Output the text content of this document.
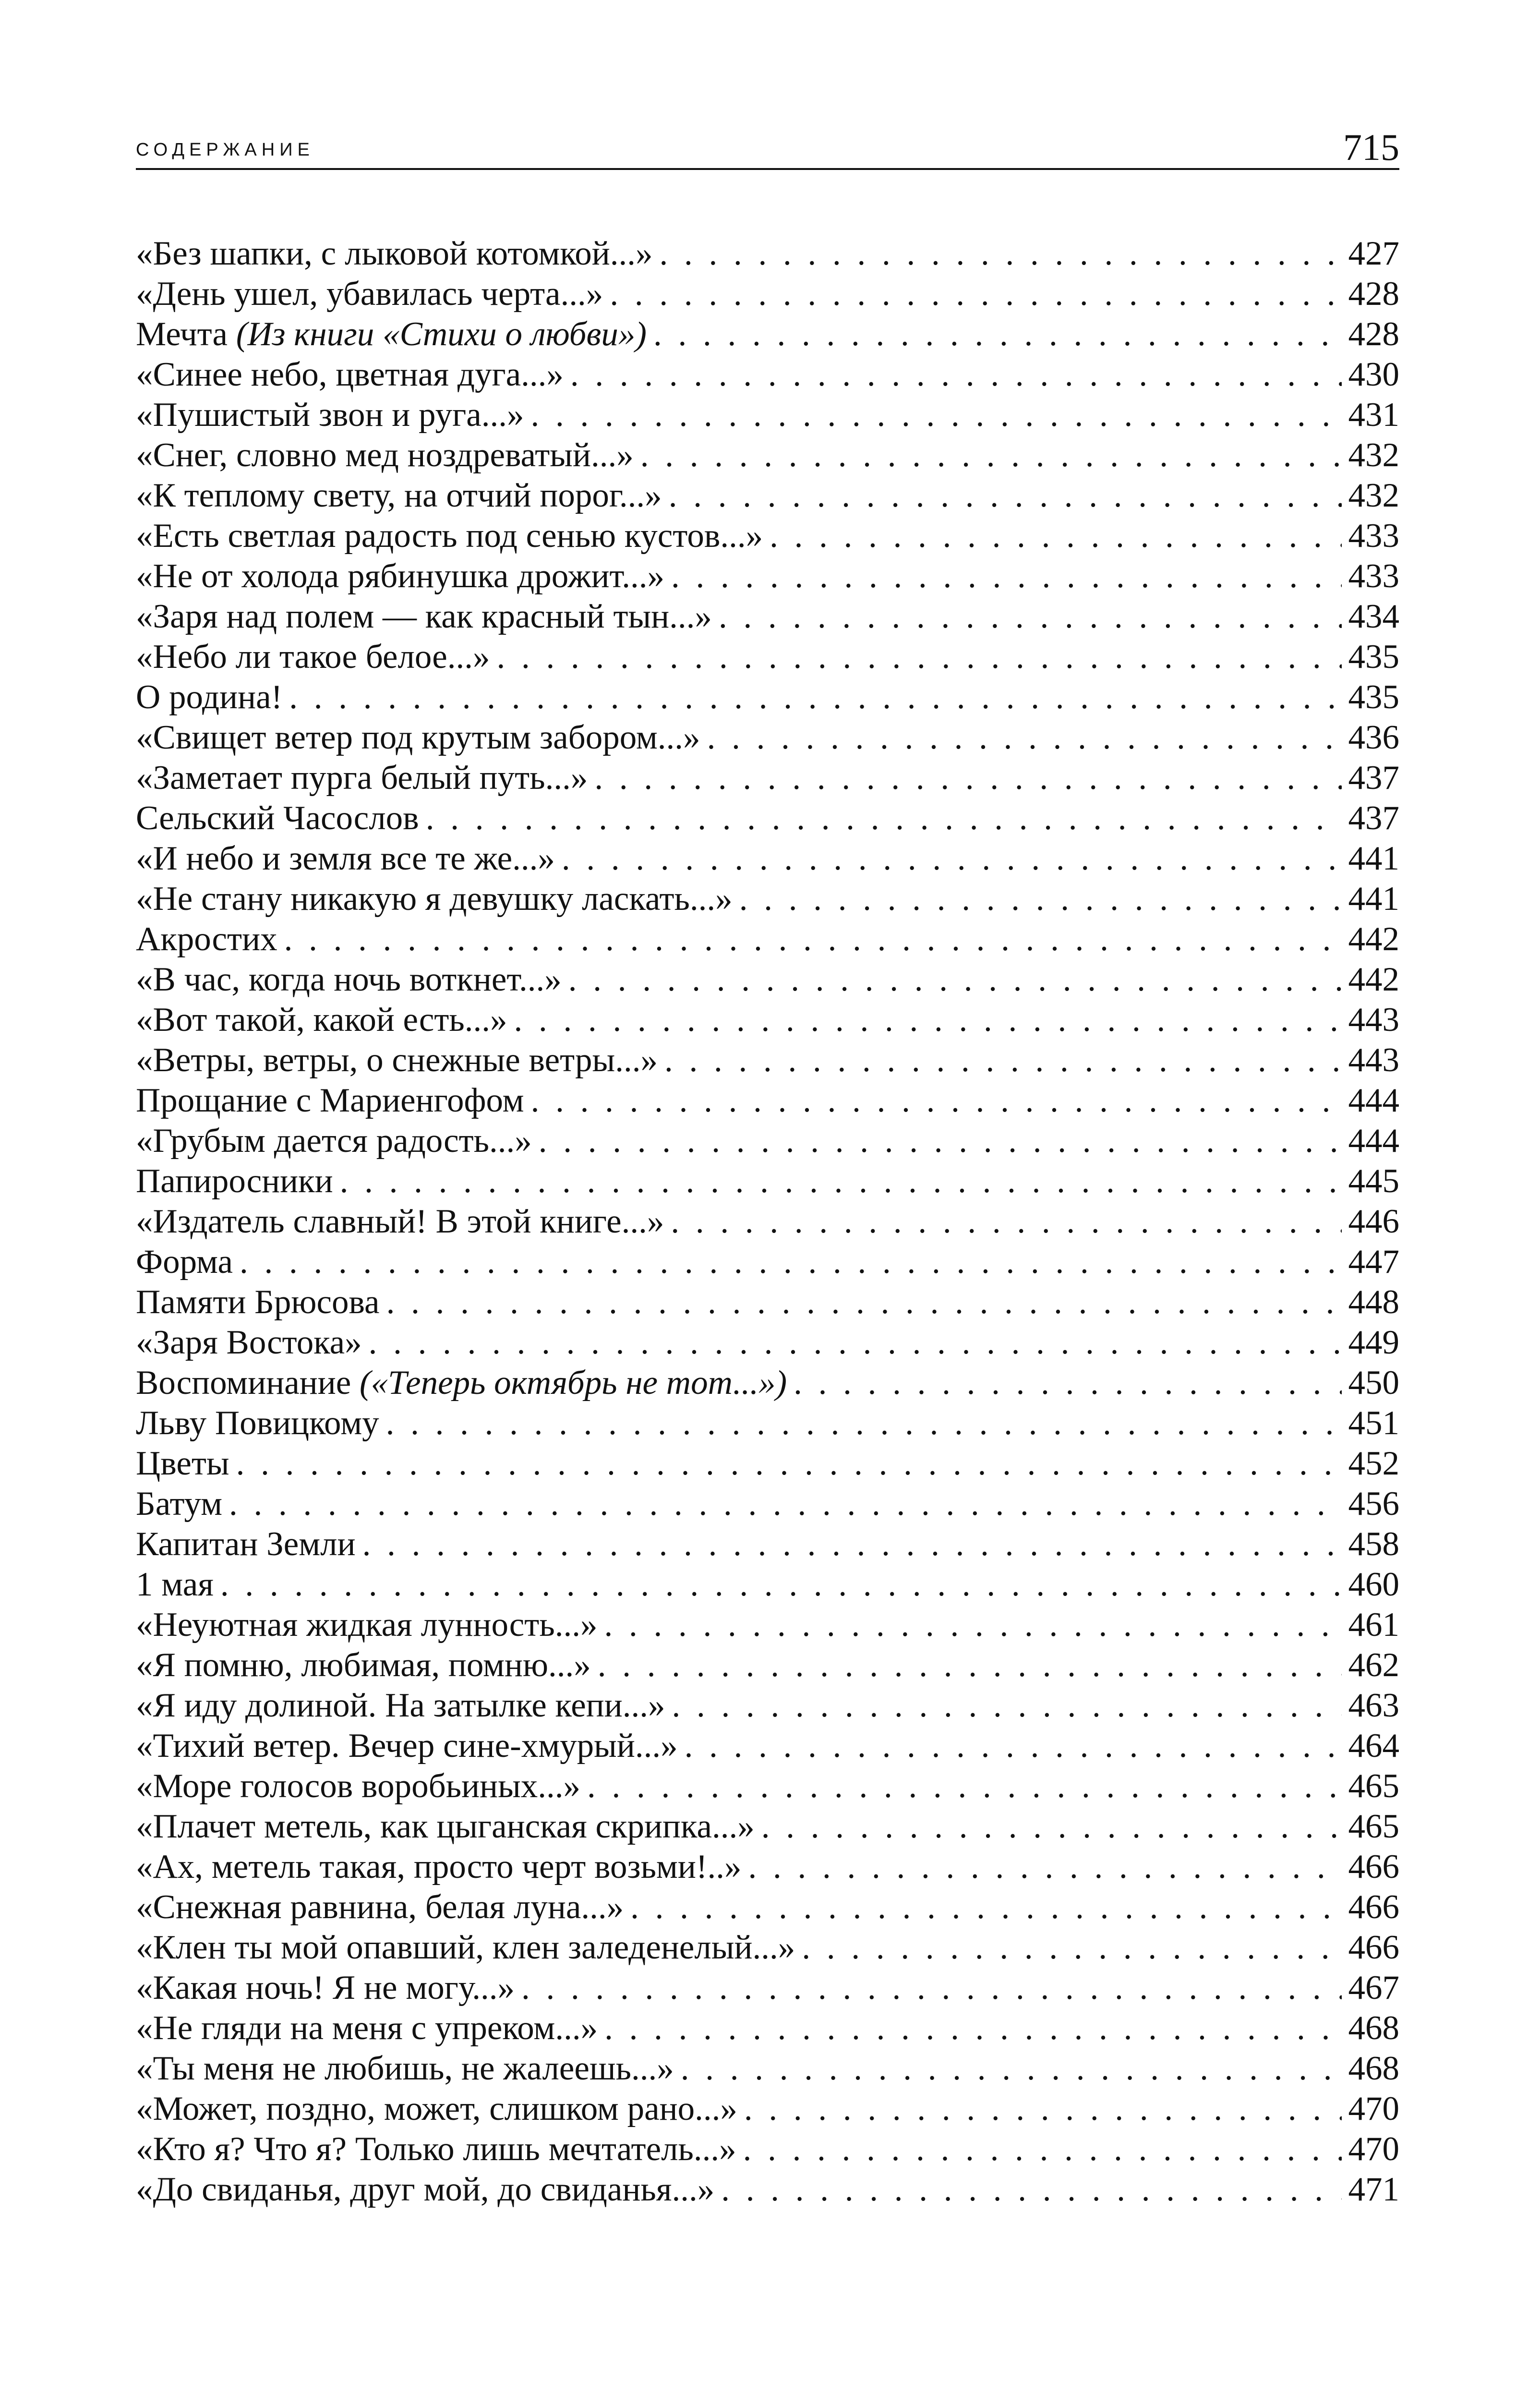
СОДЕРЖАНИЕ	715
«Без шапки, с лыковой котомкой...» . . .	427
«День ушел, убавилась черта...» . . .	428
Мечта (Из книги «Стихи о любви») . . .	428
«Синее небо, цветная дуга...» . . .	430
«Пушистый звон и руга...» . . .	431
«Снег, словно мед ноздреватый...» . . .	432
«К теплому свету, на отчий порог...» . . .	432
«Есть светлая радость под сенью кустов...» . . .	433
«Не от холода рябинушка дрожит...» . . .	433
«Заря над полем — как красный тын...» . . .	434
«Небо ли такое белое...» . . .	435
О родина! . . .	435
«Свищет ветер под крутым забором...» . . .	436
«Заметает пурга белый путь...» . . .	437
Сельский Часослов . . .	437
«И небо и земля все те же...» . . .	441
«Не стану никакую я девушку ласкать...» . . .	441
Акростих . . .	442
«В час, когда ночь воткнет...» . . .	442
«Вот такой, какой есть...» . . .	443
«Ветры, ветры, о снежные ветры...» . . .	443
Прощание с Мариенгофом . . .	444
«Грубым дается радость...» . . .	444
Папиросники . . .	445
«Издатель славный! В этой книге...» . . .	446
Форма . . .	447
Памяти Брюсова . . .	448
«Заря Востока» . . .	449
Воспоминание («Теперь октябрь не тот...») . . .	450
Льву Повицкому . . .	451
Цветы . . .	452
Батум . . .	456
Капитан Земли . . .	458
1 мая . . .	460
«Неуютная жидкая лунность...» . . .	461
«Я помню, любимая, помню...» . . .	462
«Я иду долиной. На затылке кепи...» . . .	463
«Тихий ветер. Вечер сине-хмурый...» . . .	464
«Море голосов воробьиных...» . . .	465
«Плачет метель, как цыганская скрипка...» . . .	465
«Ах, метель такая, просто черт возьми!..» . . .	466
«Снежная равнина, белая луна...» . . .	466
«Клен ты мой опавший, клен заледенелый...» . . .	466
«Какая ночь! Я не могу...» . . .	467
«Не гляди на меня с упреком...» . . .	468
«Ты меня не любишь, не жалеешь...» . . .	468
«Может, поздно, может, слишком рано...» . . .	470
«Кто я? Что я? Только лишь мечтатель...» . . .	470
«До свиданья, друг мой, до свиданья...» . . .	471
